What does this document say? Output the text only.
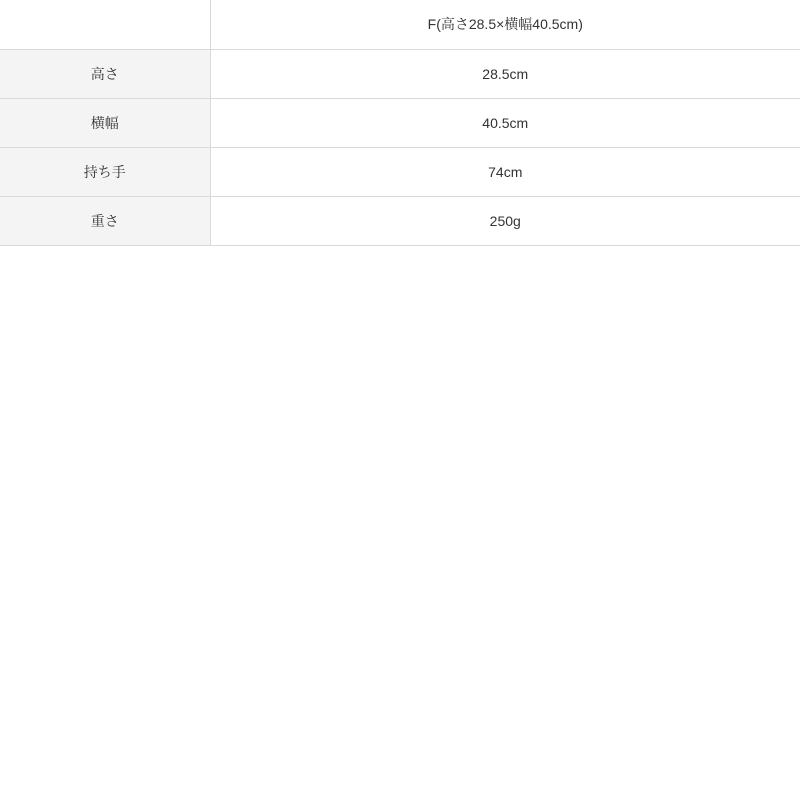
	F(高さ28.5×横幅40.5cm)
高さ	28.5cm
横幅	40.5cm
持ち手	74cm
重さ	250g
